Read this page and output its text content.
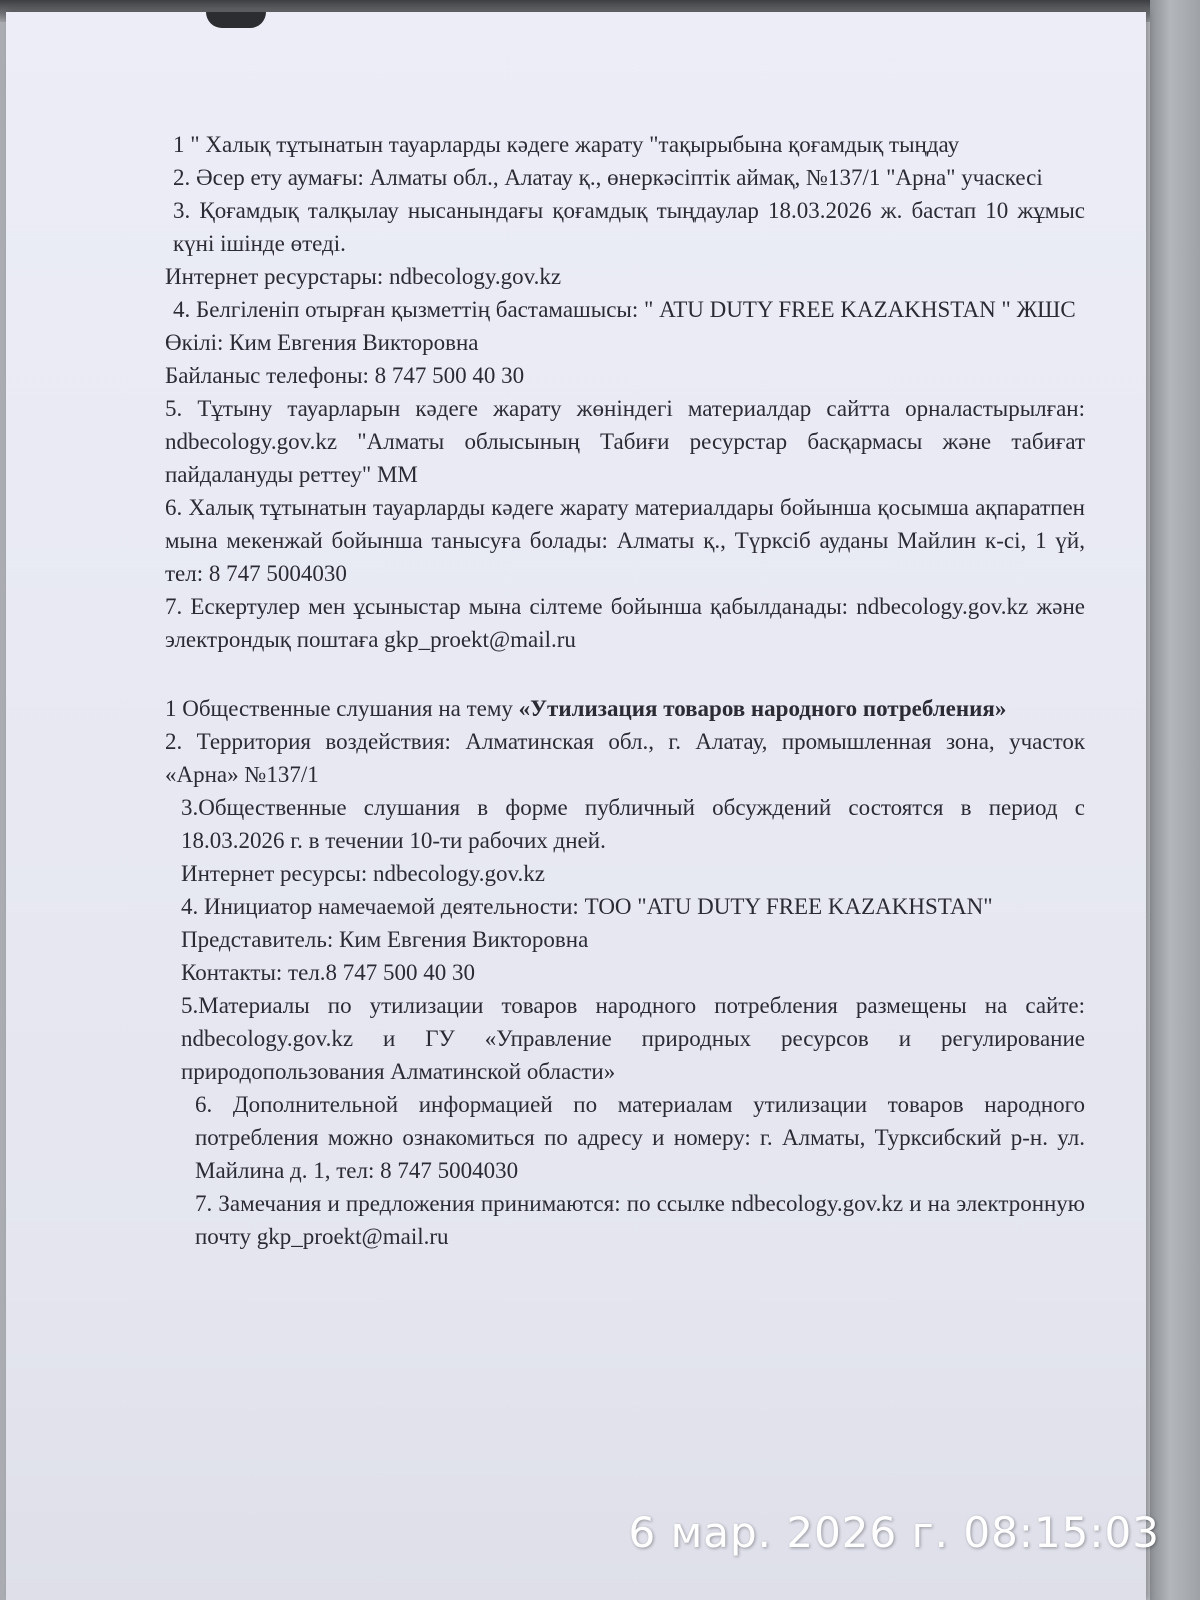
1 " Халық тұтынатын тауарларды кәдеге жарату "тақырыбына қоғамдық тыңдау

2. Әсер ету аумағы: Алматы обл., Алатау қ., өнеркәсіптік аймақ, №137/1 "Арна" учаскесі

3. Қоғамдық талқылау нысанындағы қоғамдық тыңдаулар 18.03.2026 ж. бастап 10 жұмыс күні ішінде өтеді.

Интернет ресурстары: ndbecology.gov.kz

4. Белгіленіп отырған қызметтің бастамашысы: " ATU DUTY FREE KAZAKHSTAN " ЖШС

Өкілі: Ким Евгения Викторовна

Байланыс телефоны: 8 747 500 40 30

5. Тұтыну тауарларын кәдеге жарату жөніндегі материалдар сайтта орналастырылған: ndbecology.gov.kz "Алматы облысының Табиғи ресурстар басқармасы және табиғат пайдалануды реттеу" ММ

6. Халық тұтынатын тауарларды кәдеге жарату материалдары бойынша қосымша ақпаратпен мына мекенжай бойынша танысуға болады: Алматы қ., Түрксіб ауданы Майлин к-сі, 1 үй, тел: 8 747 5004030

7. Ескертулер мен ұсыныстар мына сілтеме бойынша қабылданады: ndbecology.gov.kz және электрондық поштаға gkp_proekt@mail.ru

1 Общественные слушания на тему «Утилизация товаров народного потребления»

2. Территория воздействия: Алматинская обл., г. Алатау, промышленная зона, участок «Арна» №137/1

3.Общественные слушания в форме публичный обсуждений состоятся в период с 18.03.2026 г. в течении 10-ти рабочих дней.

Интернет ресурсы: ndbecology.gov.kz

4. Инициатор намечаемой деятельности: ТОО "ATU DUTY FREE KAZAKHSTAN"

Представитель: Ким Евгения Викторовна

Контакты: тел.8 747 500 40 30

5.Материалы по утилизации товаров народного потребления размещены на сайте: ndbecology.gov.kz и ГУ «Управление природных ресурсов и регулирование природопользования Алматинской области»

6. Дополнительной информацией по материалам утилизации товаров народного потребления можно ознакомиться по адресу и номеру: г. Алматы, Турксибский р-н. ул. Майлина д. 1, тел: 8 747 5004030

7. Замечания и предложения принимаются: по ссылке ndbecology.gov.kz и на электронную почту gkp_proekt@mail.ru

6 мар. 2026 г. 08:15:03
